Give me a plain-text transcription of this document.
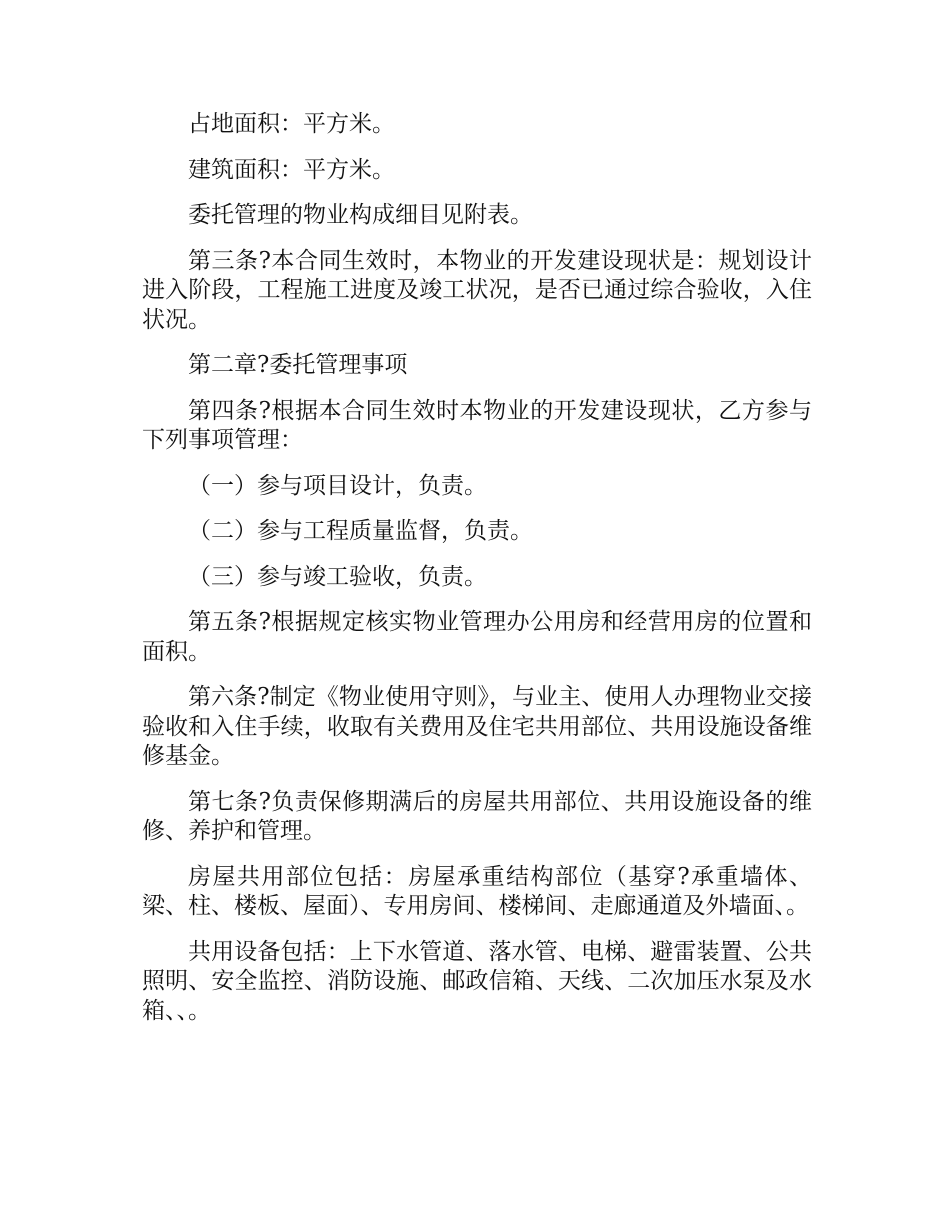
占地面积：平方米。

建筑面积：平方米。

委托管理的物业构成细目见附表。

第三条?本合同生效时，本物业的开发建设现状是：规划设计进入阶段，工程施工进度及竣工状况，是否已通过综合验收，入住状况。

第二章?委托管理事项

第四条?根据本合同生效时本物业的开发建设现状，乙方参与下列事项管理：

（一）参与项目设计，负责。

（二）参与工程质量监督，负责。

（三）参与竣工验收，负责。

第五条?根据规定核实物业管理办公用房和经营用房的位置和面积。

第六条?制定《物业使用守则》，与业主、使用人办理物业交接验收和入住手续，收取有关费用及住宅共用部位、共用设施设备维修基金。

第七条?负责保修期满后的房屋共用部位、共用设施设备的维修、养护和管理。

房屋共用部位包括：房屋承重结构部位（基穿?承重墙体、梁、柱、楼板、屋面）、专用房间、楼梯间、走廊通道及外墙面、。

共用设备包括：上下水管道、落水管、电梯、避雷装置、公共照明、安全监控、消防设施、邮政信箱、天线、二次加压水泵及水箱、、。
